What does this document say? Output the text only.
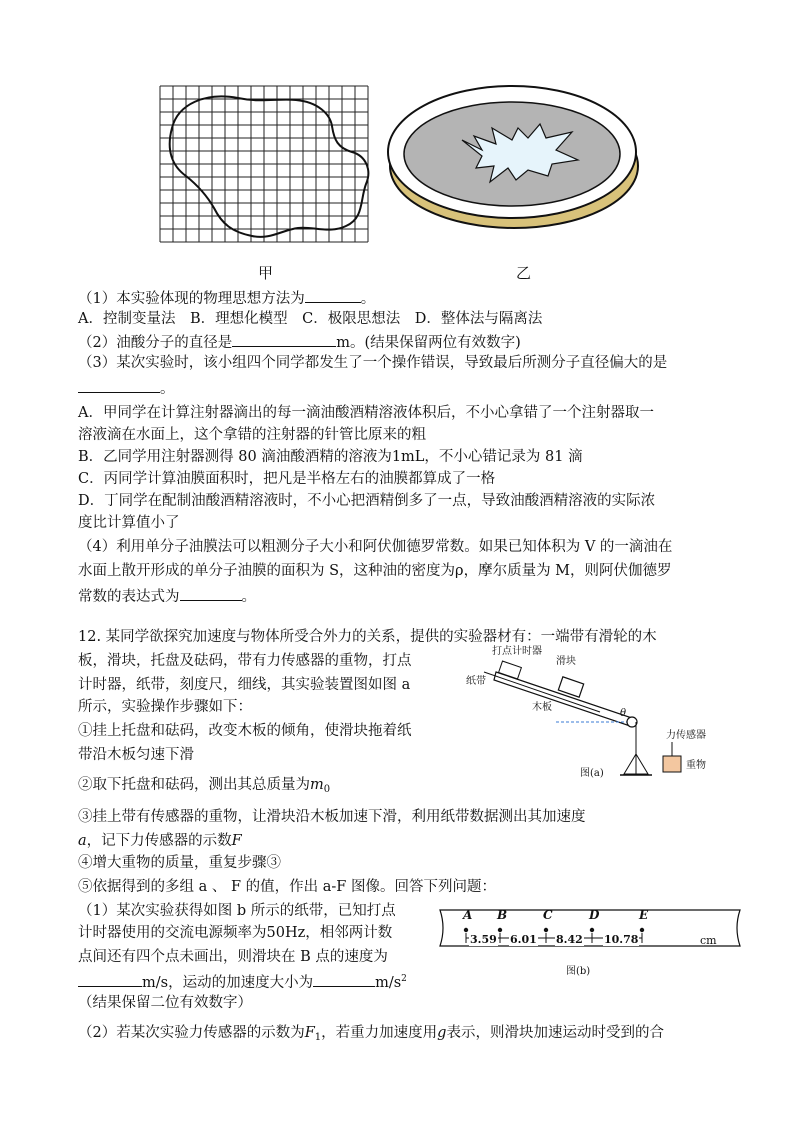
甲	乙
（1）本实验体现的物理思想方法为	。
A．控制变量法　B．理想化模型　C．极限思想法　D．整体法与隔离法
（2）油酸分子的直径是	m。(结果保留两位有效数字)
（3）某次实验时，该小组四个同学都发生了一个操作错误，导致最后所测分子直径偏大的是
。
A．甲同学在计算注射器滴出的每一滴油酸酒精溶液体积后，不小心拿错了一个注射器取一
溶液滴在水面上，这个拿错的注射器的针管比原来的粗
B．乙同学用注射器测得 80 滴油酸酒精的溶液为1mL，不小心错记录为 81 滴
C．丙同学计算油膜面积时，把凡是半格左右的油膜都算成了一格
D．丁同学在配制油酸酒精溶液时，不小心把酒精倒多了一点，导致油酸酒精溶液的实际浓
度比计算值小了
（4）利用单分子油膜法可以粗测分子大小和阿伏伽德罗常数。如果已知体积为 V 的一滴油在
水面上散开形成的单分子油膜的面积为 S，这种油的密度为ρ，摩尔质量为 M，则阿伏伽德罗
常数的表达式为	。
12. 某同学欲探究加速度与物体所受合外力的关系，提供的实验器材有：一端带有滑轮的木
板，滑块，托盘及砝码，带有力传感器的重物，打点
计时器，纸带，刻度尺，细线，其实验装置图如图 a
所示，实验操作步骤如下：
①挂上托盘和砝码，改变木板的倾角，使滑块拖着纸
带沿木板匀速下滑
②取下托盘和砝码，测出其总质量为$m_0$
③挂上带有传感器的重物，让滑块沿木板加速下滑，利用纸带数据测出其加速度
a，记下力传感器的示数F
④增大重物的质量，重复步骤③
⑤依据得到的多组 a 、 F 的值，作出 a-F 图像。回答下列问题：
（1）某次实验获得如图 b 所示的纸带，已知打点
计时器使用的交流电源频率为50Hz，相邻两计数
点间还有四个点未画出，则滑块在 B 点的速度为
m/s，运动的加速度大小为	$m/s^2$
（结果保留二位有效数字）
（2）若某次实验力传感器的示数为$F_1$，若重力加速度用g表示，则滑块加速运动时受到的合
打点计时器
滑块
纸带
木板
θ
力传感器
重物
图(a)
A B	C	D	E
3.59 6.01 8.42 10.78	cm
图(b)
